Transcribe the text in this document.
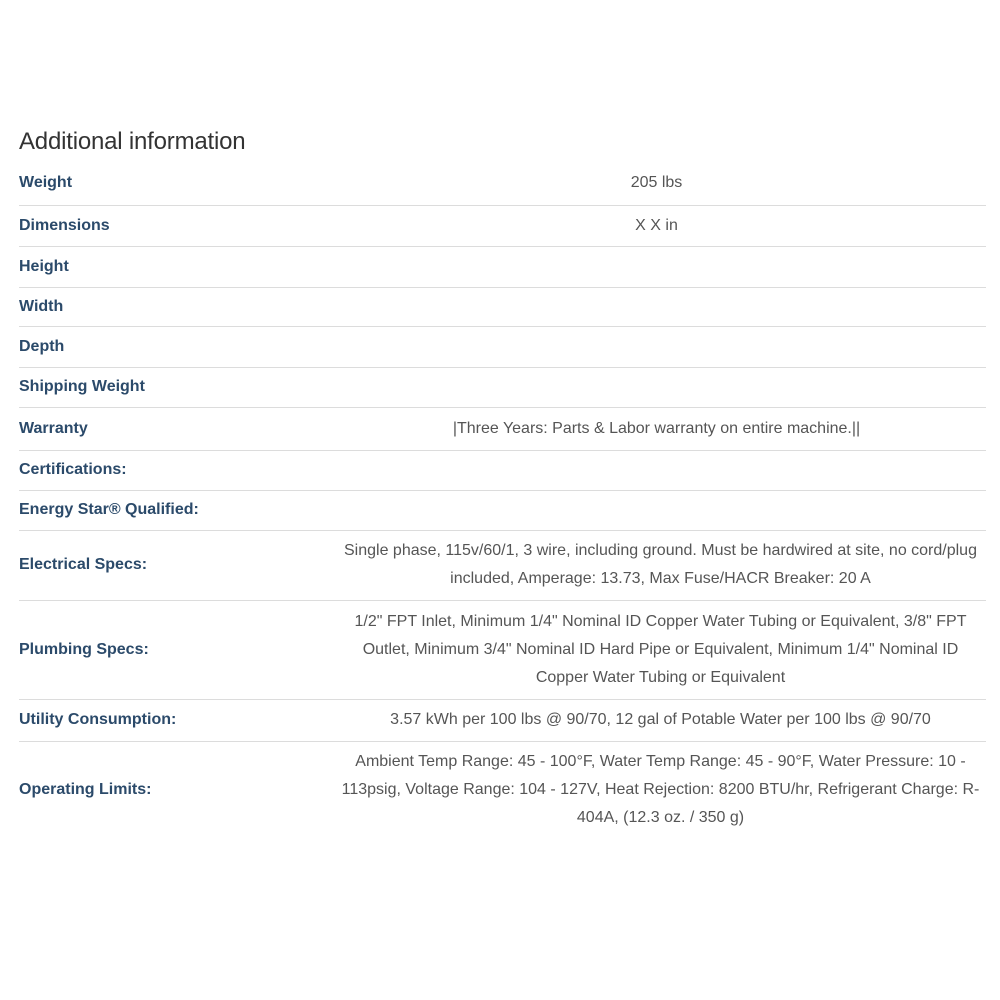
Additional information
Weight	205 lbs
Dimensions	X X in
Height	
Width	
Depth	
Shipping Weight	
Warranty	|Three Years: Parts & Labor warranty on entire machine.||
Certifications:	
Energy Star® Qualified:	
Electrical Specs:	Single phase, 115v/60/1, 3 wire, including ground. Must be hardwired at site, no cord/plug included, Amperage: 13.73, Max Fuse/HACR Breaker: 20 A
Plumbing Specs:	1/2" FPT Inlet, Minimum 1/4" Nominal ID Copper Water Tubing or Equivalent, 3/8" FPT Outlet, Minimum 3/4" Nominal ID Hard Pipe or Equivalent, Minimum 1/4" Nominal ID Copper Water Tubing or Equivalent
Utility Consumption:	3.57 kWh per 100 lbs @ 90/70, 12 gal of Potable Water per 100 lbs @ 90/70
Operating Limits:	Ambient Temp Range: 45 - 100°F, Water Temp Range: 45 - 90°F, Water Pressure: 10 - 113psig, Voltage Range: 104 - 127V, Heat Rejection: 8200 BTU/hr, Refrigerant Charge: R-404A, (12.3 oz. / 350 g)
